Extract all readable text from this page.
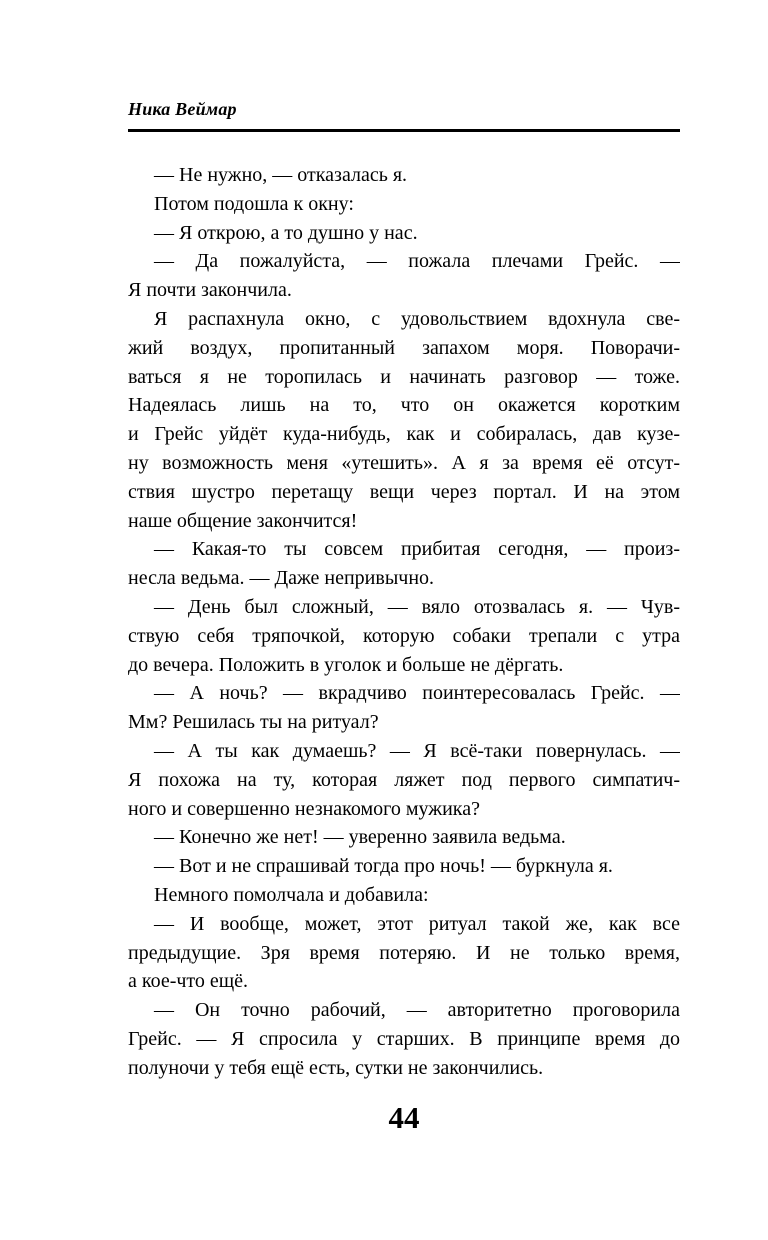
Ника Веймар
— Не нужно, — отказалась я.
Потом подошла к окну:
— Я открою, а то душно у нас.
— Да пожалуйста, — пожала плечами Грейс. —
Я почти закончила.
Я распахнула окно, с удовольствием вдохнула све-
жий воздух, пропитанный запахом моря. Поворачи-
ваться я не торопилась и начинать разговор — тоже.
Надеялась лишь на то, что он окажется коротким
и Грейс уйдёт куда-нибудь, как и собиралась, дав кузе-
ну возможность меня «утешить». А я за время её отсут-
ствия шустро перетащу вещи через портал. И на этом
наше общение закончится!
— Какая-то ты совсем прибитая сегодня, — произ-
несла ведьма. — Даже непривычно.
— День был сложный, — вяло отозвалась я. — Чув-
ствую себя тряпочкой, которую собаки трепали с утра
до вечера. Положить в уголок и больше не дёргать.
— А ночь? — вкрадчиво поинтересовалась Грейс. —
Мм? Решилась ты на ритуал?
— А ты как думаешь? — Я всё-таки повернулась. —
Я похожа на ту, которая ляжет под первого симпатич-
ного и совершенно незнакомого мужика?
— Конечно же нет! — уверенно заявила ведьма.
— Вот и не спрашивай тогда про ночь! — буркнула я.
Немного помолчала и добавила:
— И вообще, может, этот ритуал такой же, как все
предыдущие. Зря время потеряю. И не только время,
а кое-что ещё.
— Он точно рабочий, — авторитетно проговорила
Грейс. — Я спросила у старших. В принципе время до
полуночи у тебя ещё есть, сутки не закончились.
44
